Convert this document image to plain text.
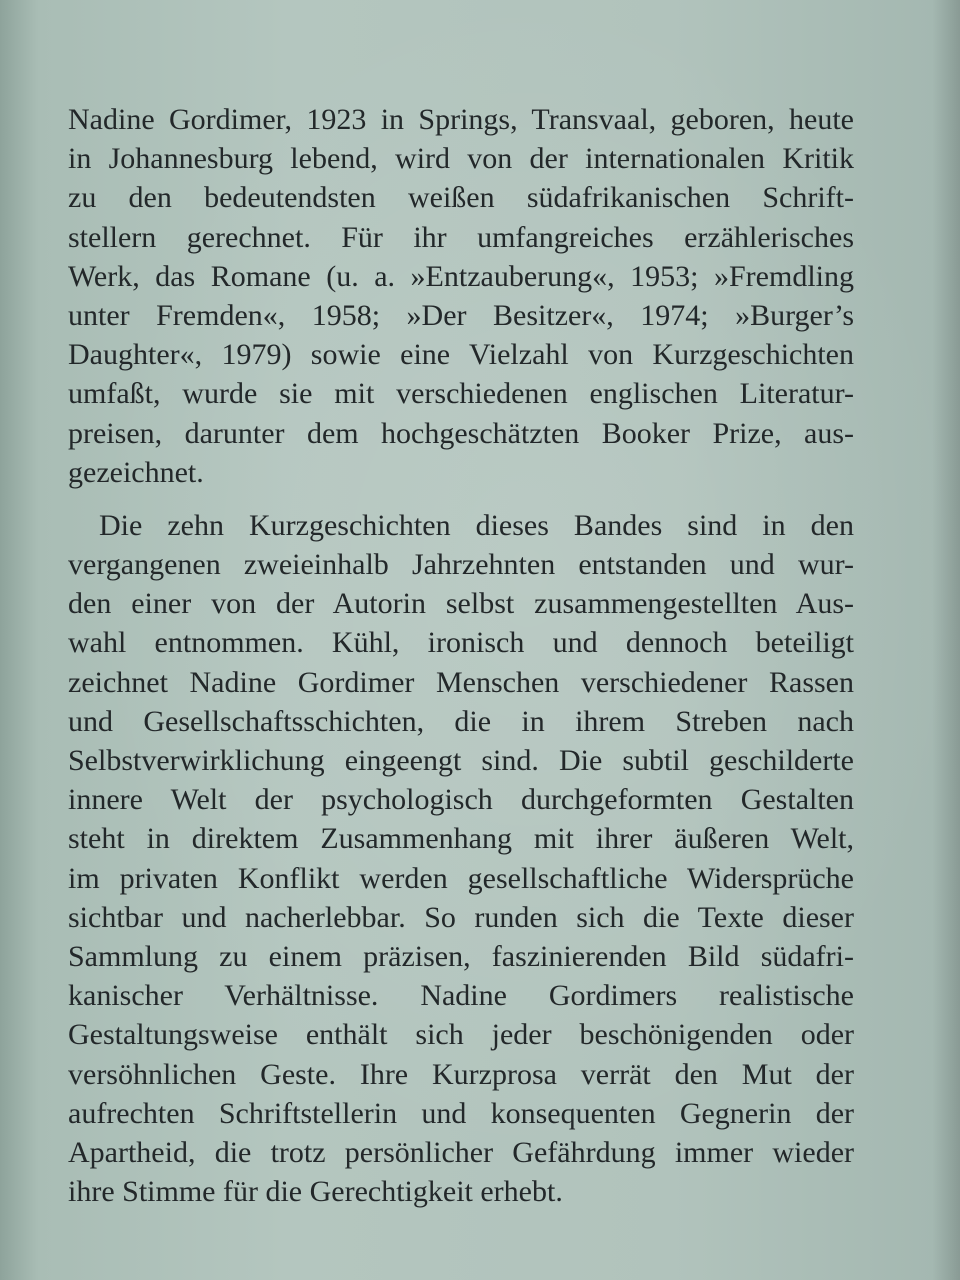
Nadine Gordimer, 1923 in Springs, Transvaal, geboren, heute
in Johannesburg lebend, wird von der internationalen Kritik
zu den bedeutendsten weißen südafrikanischen Schrift-
stellern gerechnet. Für ihr umfangreiches erzählerisches
Werk, das Romane (u. a. »Entzauberung«, 1953; »Fremdling
unter Fremden«, 1958; »Der Besitzer«, 1974; »Burger’s
Daughter«, 1979) sowie eine Vielzahl von Kurzgeschichten
umfaßt, wurde sie mit verschiedenen englischen Literatur-
preisen, darunter dem hochgeschätzten Booker Prize, aus-
gezeichnet.
Die zehn Kurzgeschichten dieses Bandes sind in den
vergangenen zweieinhalb Jahrzehnten entstanden und wur-
den einer von der Autorin selbst zusammengestellten Aus-
wahl entnommen. Kühl, ironisch und dennoch beteiligt
zeichnet Nadine Gordimer Menschen verschiedener Rassen
und Gesellschaftsschichten, die in ihrem Streben nach
Selbstverwirklichung eingeengt sind. Die subtil geschilderte
innere Welt der psychologisch durchgeformten Gestalten
steht in direktem Zusammenhang mit ihrer äußeren Welt,
im privaten Konflikt werden gesellschaftliche Widersprüche
sichtbar und nacherlebbar. So runden sich die Texte dieser
Sammlung zu einem präzisen, faszinierenden Bild südafri-
kanischer Verhältnisse. Nadine Gordimers realistische
Gestaltungsweise enthält sich jeder beschönigenden oder
versöhnlichen Geste. Ihre Kurzprosa verrät den Mut der
aufrechten Schriftstellerin und konsequenten Gegnerin der
Apartheid, die trotz persönlicher Gefährdung immer wieder
ihre Stimme für die Gerechtigkeit erhebt.
